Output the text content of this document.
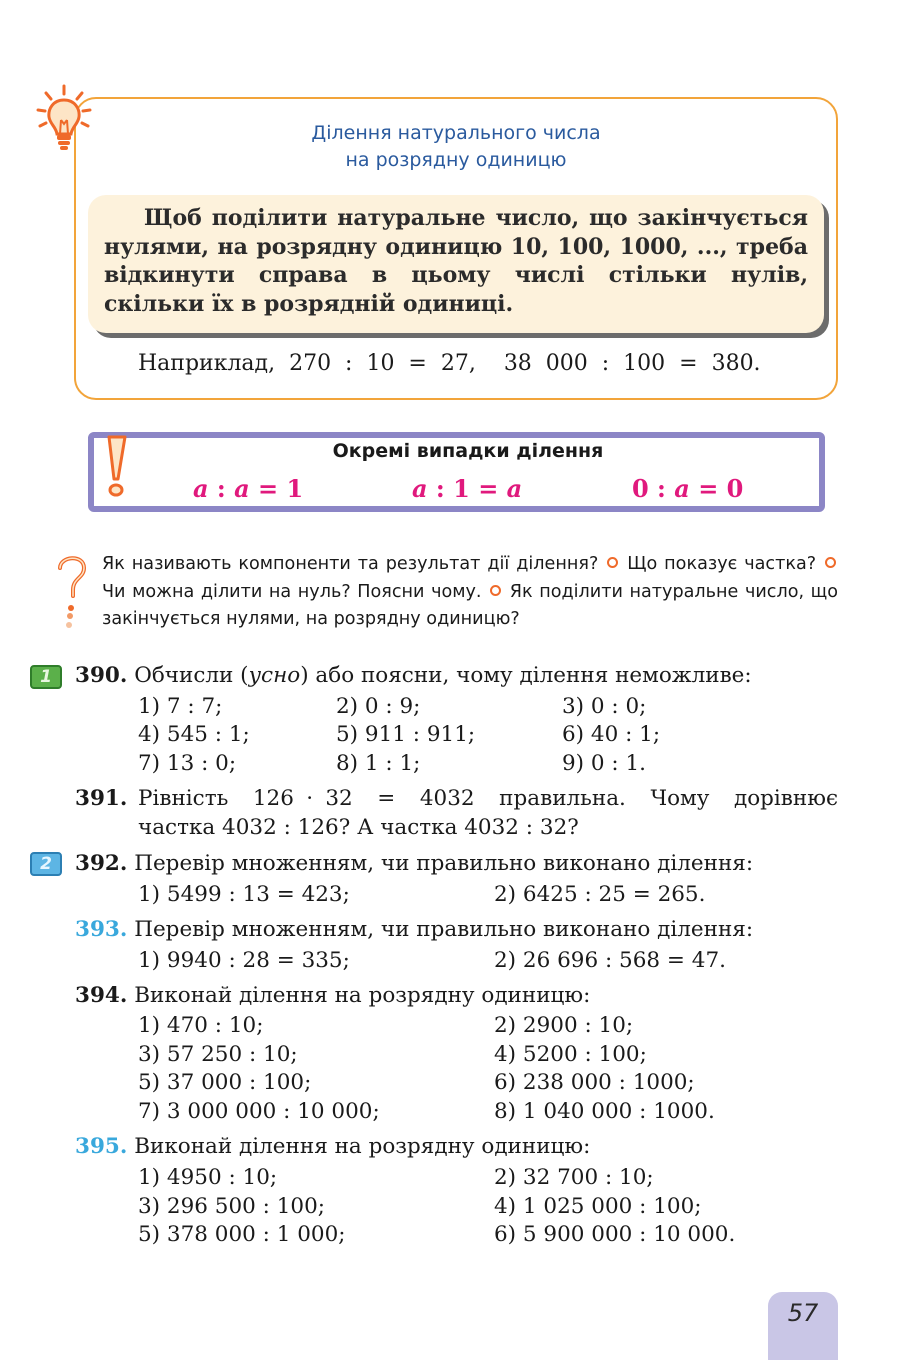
Ділення натурального числа
на розрядну одиницю

Щоб поділити натуральне число, що закінчується нулями, на розрядну одиницю 10, 100, 1000, ..., треба відкинути справа в цьому числі стільки нулів, скільки їх в розрядній одиниці.

Наприклад,  270  :  10  =  27,    38  000  :  100  =  380.
Окремі випадки ділення
a : a = 1	a : 1 = a	0 : a = 0
Як називають компоненти та результат дії ділення? Що показує частка?  Чи можна ділити на нуль? Поясни чому. Як поділити натуральне число, що закінчується нулями, на розрядну одиницю?
1
2
390. Обчисли (усно) або поясни, чому ділення неможливе:
1) 7 : 7;	2) 0 : 9;	3) 0 : 0;
4) 545 : 1;	5) 911 : 911;	6) 40 : 1;
7) 13 : 0;	8) 1 : 1;	9) 0 : 1.
391. Рівність  126 · 32  =  4032  правильна.  Чому  дорівнює
частка 4032 : 126? А частка 4032 : 32?
392. Перевір множенням, чи правильно виконано ділення:
1) 5499 : 13 = 423;	2) 6425 : 25 = 265.
393. Перевір множенням, чи правильно виконано ділення:
1) 9940 : 28 = 335;	2) 26 696 : 568 = 47.
394. Виконай ділення на розрядну одиницю:
1) 470 : 10;	2) 2900 : 10;
3) 57 250 : 10;	4) 5200 : 100;
5) 37 000 : 100;	6) 238 000 : 1000;
7) 3 000 000 : 10 000;	8) 1 040 000 : 1000.
395. Виконай ділення на розрядну одиницю:
1) 4950 : 10;	2) 32 700 : 10;
3) 296 500 : 100;	4) 1 025 000 : 100;
5) 378 000 : 1 000;	6) 5 900 000 : 10 000.
57
